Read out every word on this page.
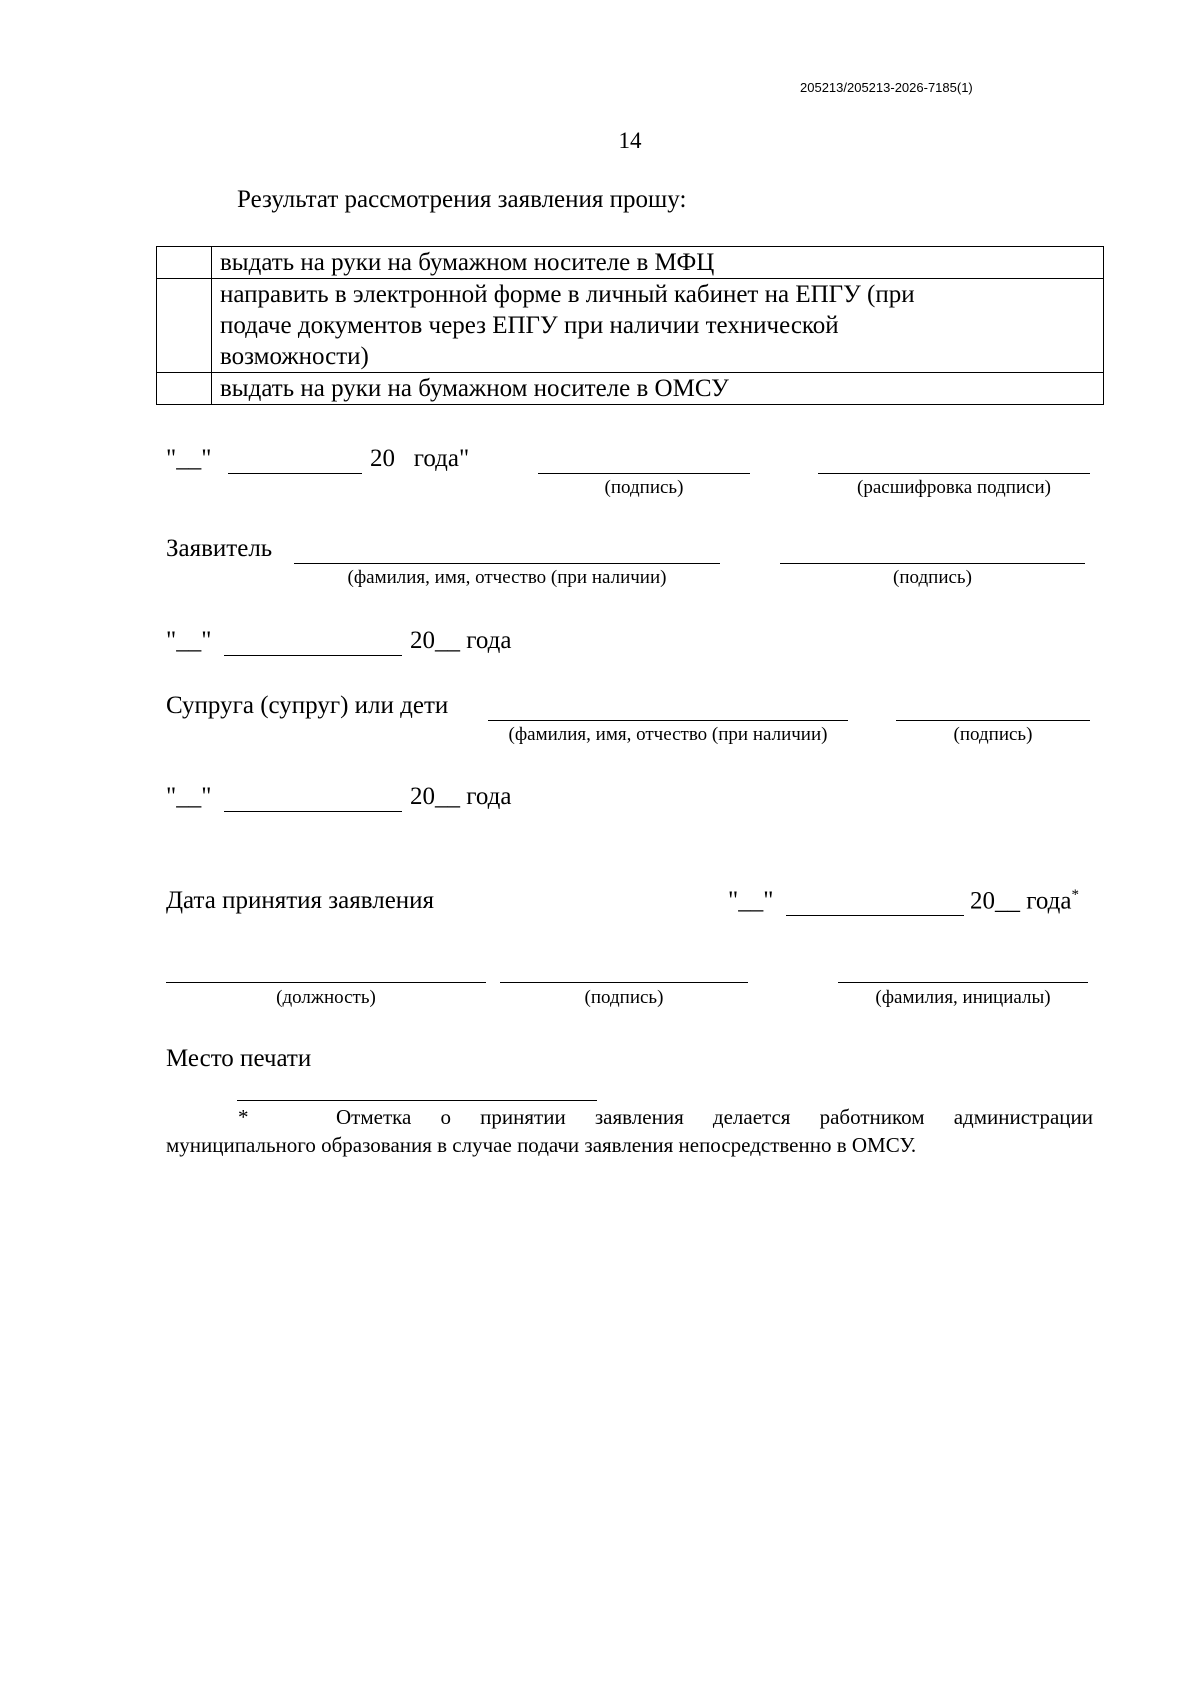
205213/205213-2026-7185(1)
14
Результат рассмотрения заявления прошу:
	выдать на руки на бумажном носителе в МФЦ
	направить в электронной форме в личный кабинет на ЕПГУ (при подаче документов через ЕПГУ при наличии технической возможности)
	выдать на руки на бумажном носителе в ОМСУ
"__"	20   года"
(подпись)	(расшифровка подписи)
Заявитель
(фамилия, имя, отчество (при наличии)	(подпись)
"__"	20__ года
Супруга (супруг) или дети
(фамилия, имя, отчество (при наличии)	(подпись)
"__"	20__ года
Дата принятия заявления	"__"	20__ года*
(должность)	(подпись)	(фамилия, инициалы)
Место печати
*   Отметка о принятии заявления делается работником администрации
муниципального образования в случае подачи заявления непосредственно в ОМСУ.
